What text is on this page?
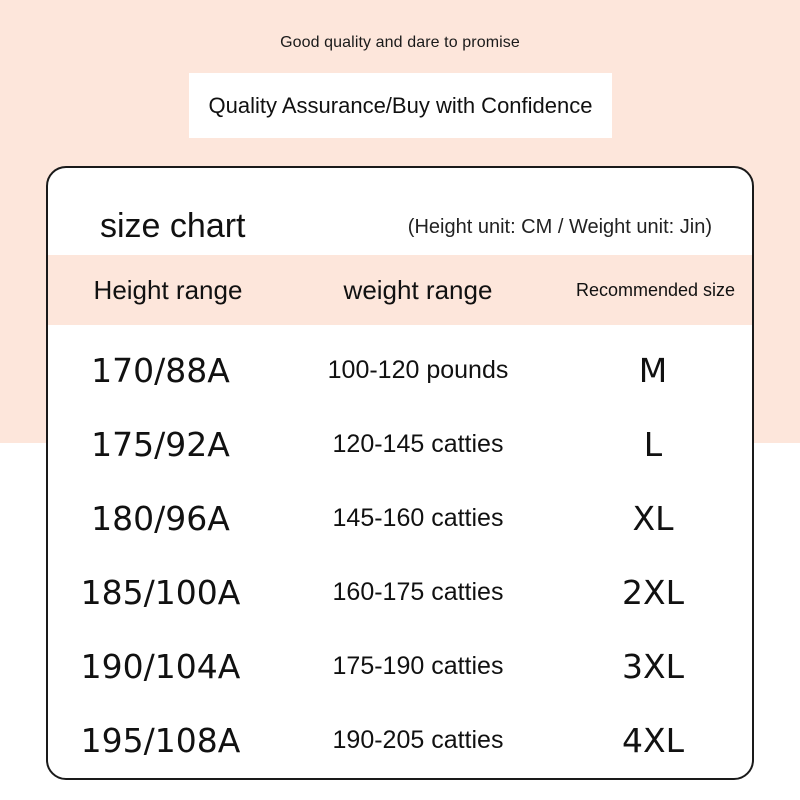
Good quality and dare to promise
Quality Assurance/Buy with Confidence
size chart	(Height unit: CM / Weight unit: Jin)
Height range	weight range	Recommended size
170/88A	100-120 pounds	M
175/92A	120-145 catties	L
180/96A	145-160 catties	XL
185/100A	160-175 catties	2XL
190/104A	175-190 catties	3XL
195/108A	190-205 catties	4XL
